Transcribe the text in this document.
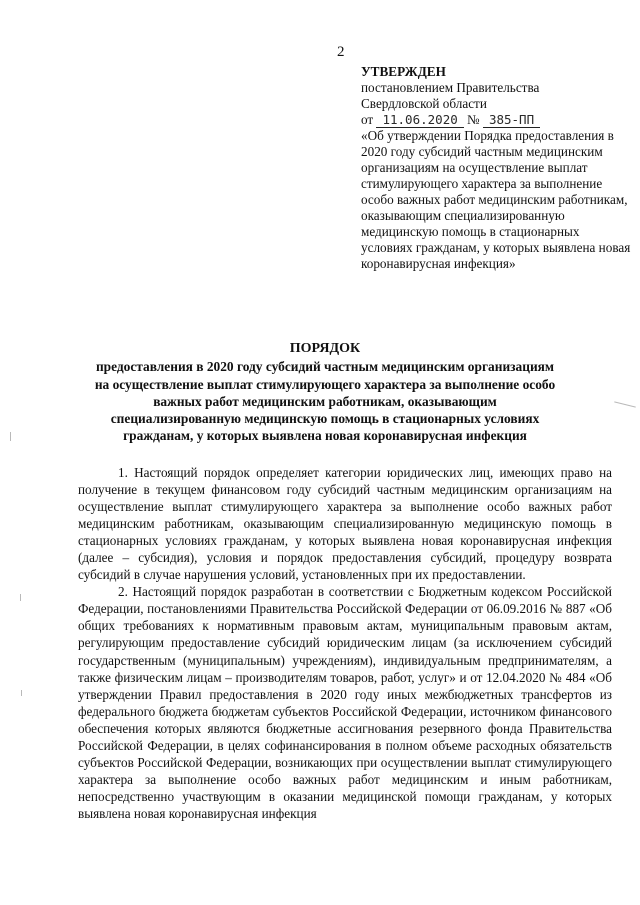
2
УТВЕРЖДЕН
постановлением Правительства
Свердловской области
от 11.06.2020 № 385-ПП
«Об утверждении Порядка предоставления в 2020 году субсидий частным медицинским организациям на осуществление выплат стимулирующего характера за выполнение особо важных работ медицинским работникам, оказывающим специализированную медицинскую помощь в стационарных условиях гражданам, у которых выявлена новая коронавирусная инфекция»
ПОРЯДОК
предоставления в 2020 году субсидий частным медицинским организациям на осуществление выплат стимулирующего характера за выполнение особо важных работ медицинским работникам, оказывающим специализированную медицинскую помощь в стационарных условиях гражданам, у которых выявлена новая коронавирусная инфекция

1. Настоящий порядок определяет категории юридических лиц, имеющих право на получение в текущем финансовом году субсидий частным медицинским организациям на осуществление выплат стимулирующего характера за выполнение особо важных работ медицинским работникам, оказывающим специализированную медицинскую помощь в стационарных условиях гражданам, у которых выявлена новая коронавирусная инфекция (далее – субсидия), условия и порядок предоставления субсидий, процедуру возврата субсидий в случае нарушения условий, установленных при их предоставлении.

2. Настоящий порядок разработан в соответствии с Бюджетным кодексом Российской Федерации, постановлениями Правительства Российской Федерации от 06.09.2016 № 887 «Об общих требованиях к нормативным правовым актам, муниципальным правовым актам, регулирующим предоставление субсидий юридическим лицам (за исключением субсидий государственным (муниципальным) учреждениям), индивидуальным предпринимателям, а также физическим лицам – производителям товаров, работ, услуг» и от 12.04.2020 № 484 «Об утверждении Правил предоставления в 2020 году иных межбюджетных трансфертов из федерального бюджета бюджетам субъектов Российской Федерации, источником финансового обеспечения которых являются бюджетные ассигнования резервного фонда Правительства Российской Федерации, в целях софинансирования в полном объеме расходных обязательств субъектов Российской Федерации, возникающих при осуществлении выплат стимулирующего характера за выполнение особо важных работ медицинским и иным работникам, непосредственно участвующим в оказании медицинской помощи гражданам, у которых выявлена новая коронавирусная инфекция
